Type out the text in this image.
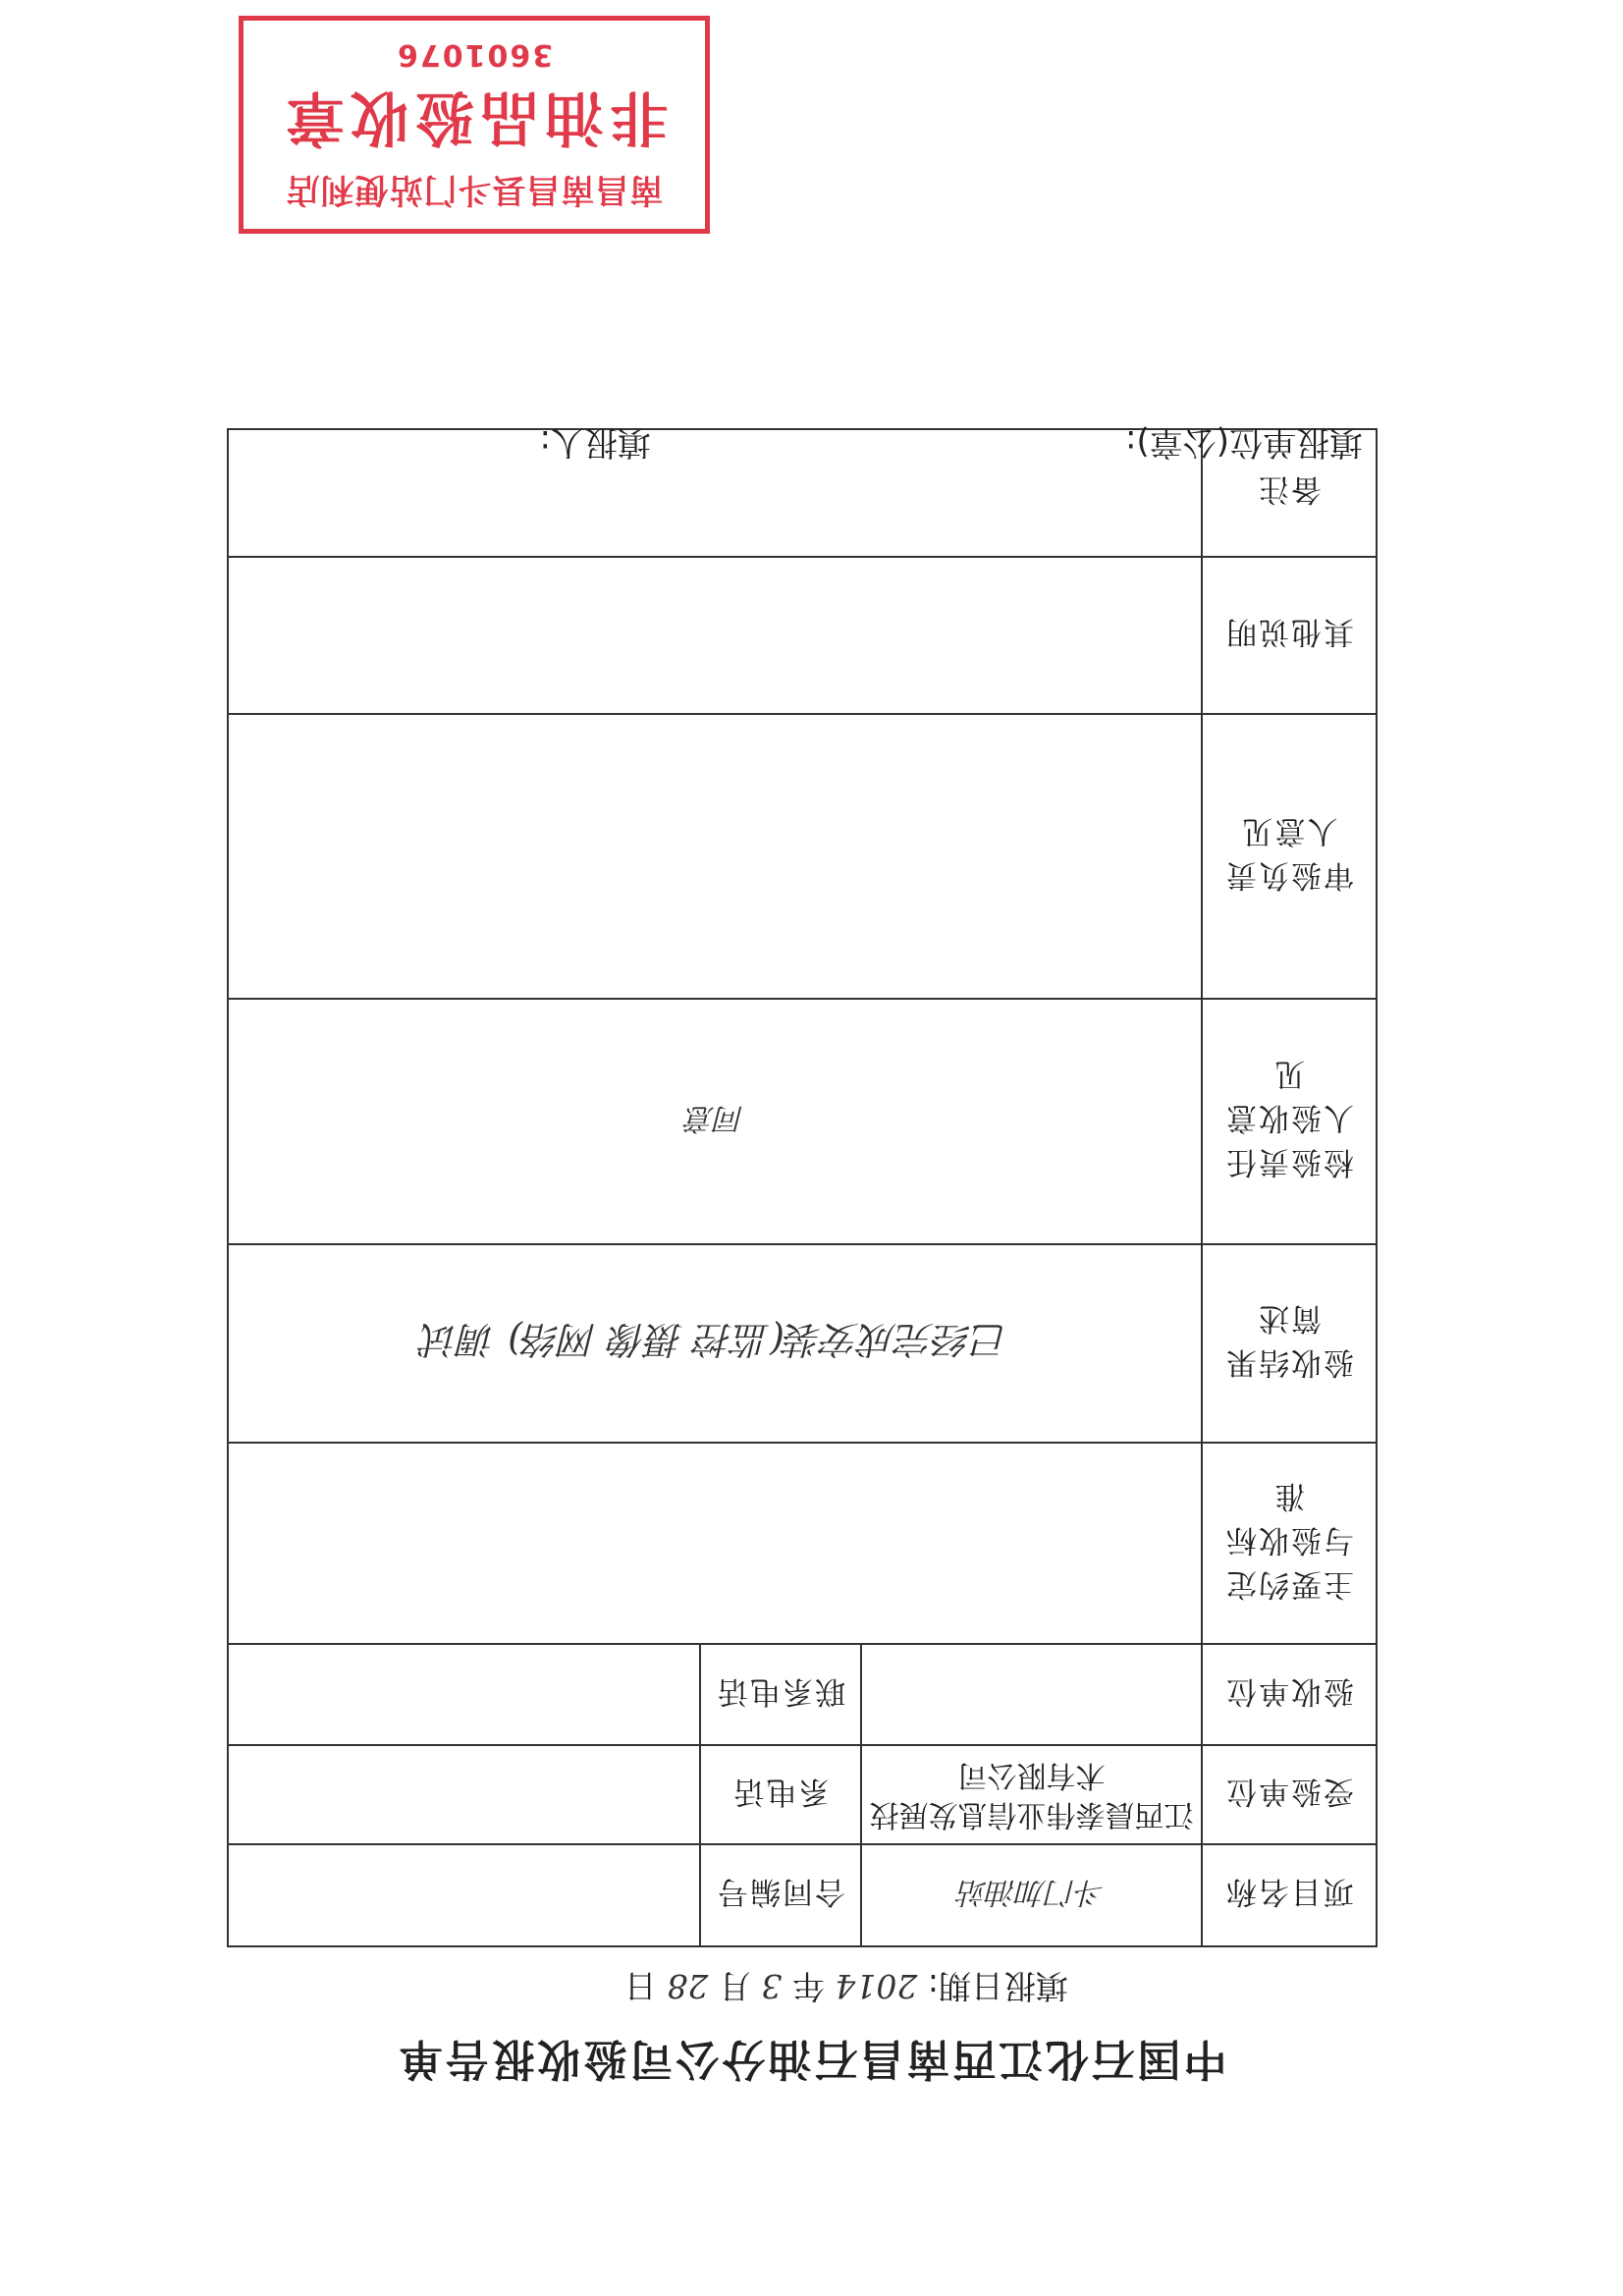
中国石化江西南昌石油分公司验收报告单
填报日期: 2014 年 3 月 28 日
项目名称	斗门加油站	合同编号	
受验单位	江西晨泰伟业信息发展技术有限公司	系电话	
验收单位		联系电话	
主要约定与验收标准			
验收结果简述	已经完成安装(监控 摄像 网络) 调试		
检验责任人验收意见	同意		
审验负责人意见			
其他说明			
备注			
填报单位(公章):
填报人:
南昌南昌县斗门站便利店
非油品验收章
3601076
